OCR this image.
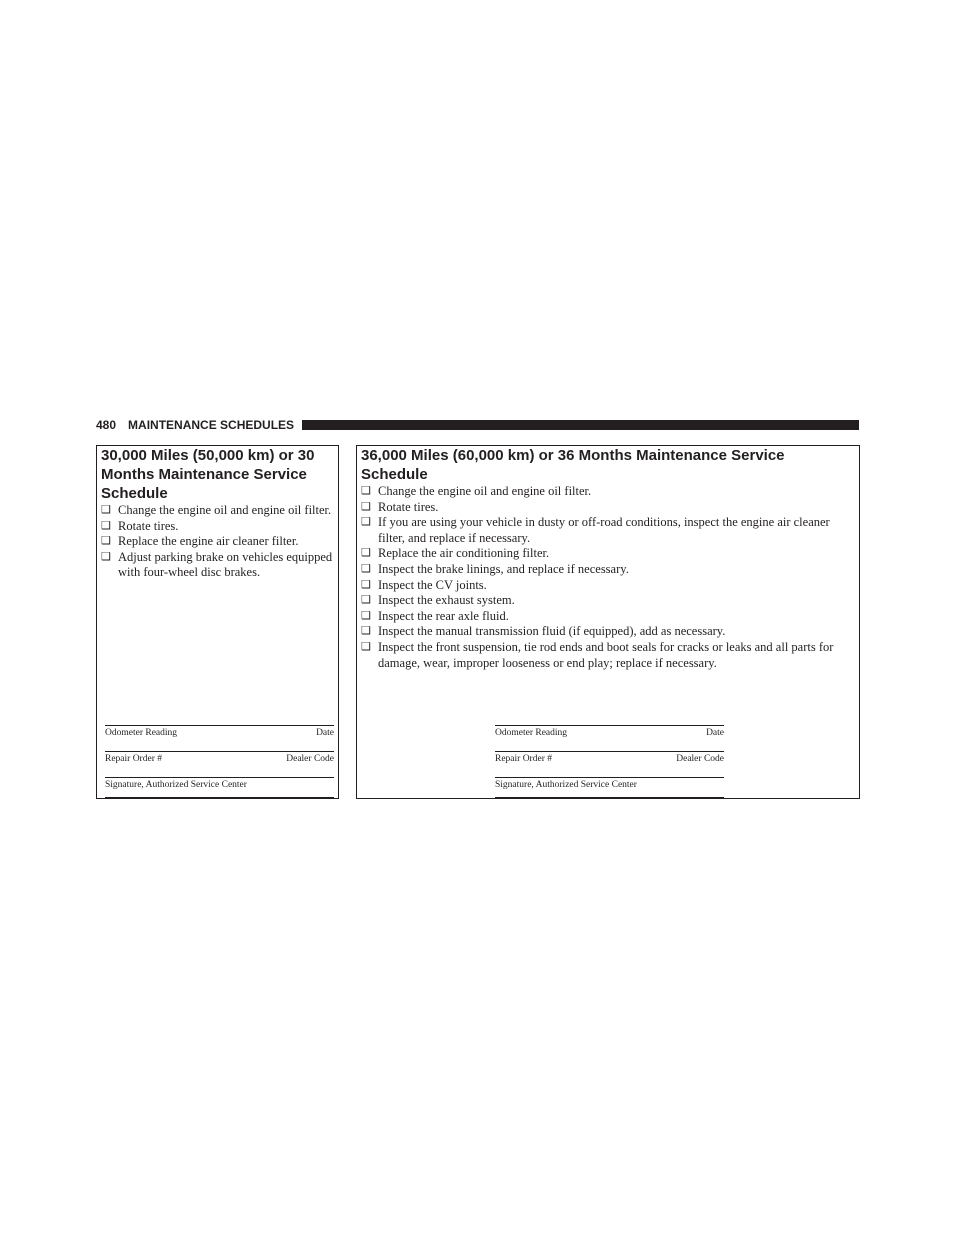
480 MAINTENANCE SCHEDULES
30,000 Miles (50,000 km) or 30 Months Maintenance Service Schedule
❑ Change the engine oil and engine oil filter.
❑ Rotate tires.
❑ Replace the engine air cleaner filter.
❑ Adjust parking brake on vehicles equipped with four-wheel disc brakes.
Odometer Reading	Date
Repair Order #	Dealer Code
Signature, Authorized Service Center
36,000 Miles (60,000 km) or 36 Months Maintenance Service Schedule
❑ Change the engine oil and engine oil filter.
❑ Rotate tires.
❑ If you are using your vehicle in dusty or off-road conditions, inspect the engine air cleaner filter, and replace if necessary.
❑ Replace the air conditioning filter.
❑ Inspect the brake linings, and replace if necessary.
❑ Inspect the CV joints.
❑ Inspect the exhaust system.
❑ Inspect the rear axle fluid.
❑ Inspect the manual transmission fluid (if equipped), add as necessary.
❑ Inspect the front suspension, tie rod ends and boot seals for cracks or leaks and all parts for damage, wear, improper looseness or end play; replace if necessary.
Odometer Reading	Date
Repair Order #	Dealer Code
Signature, Authorized Service Center
